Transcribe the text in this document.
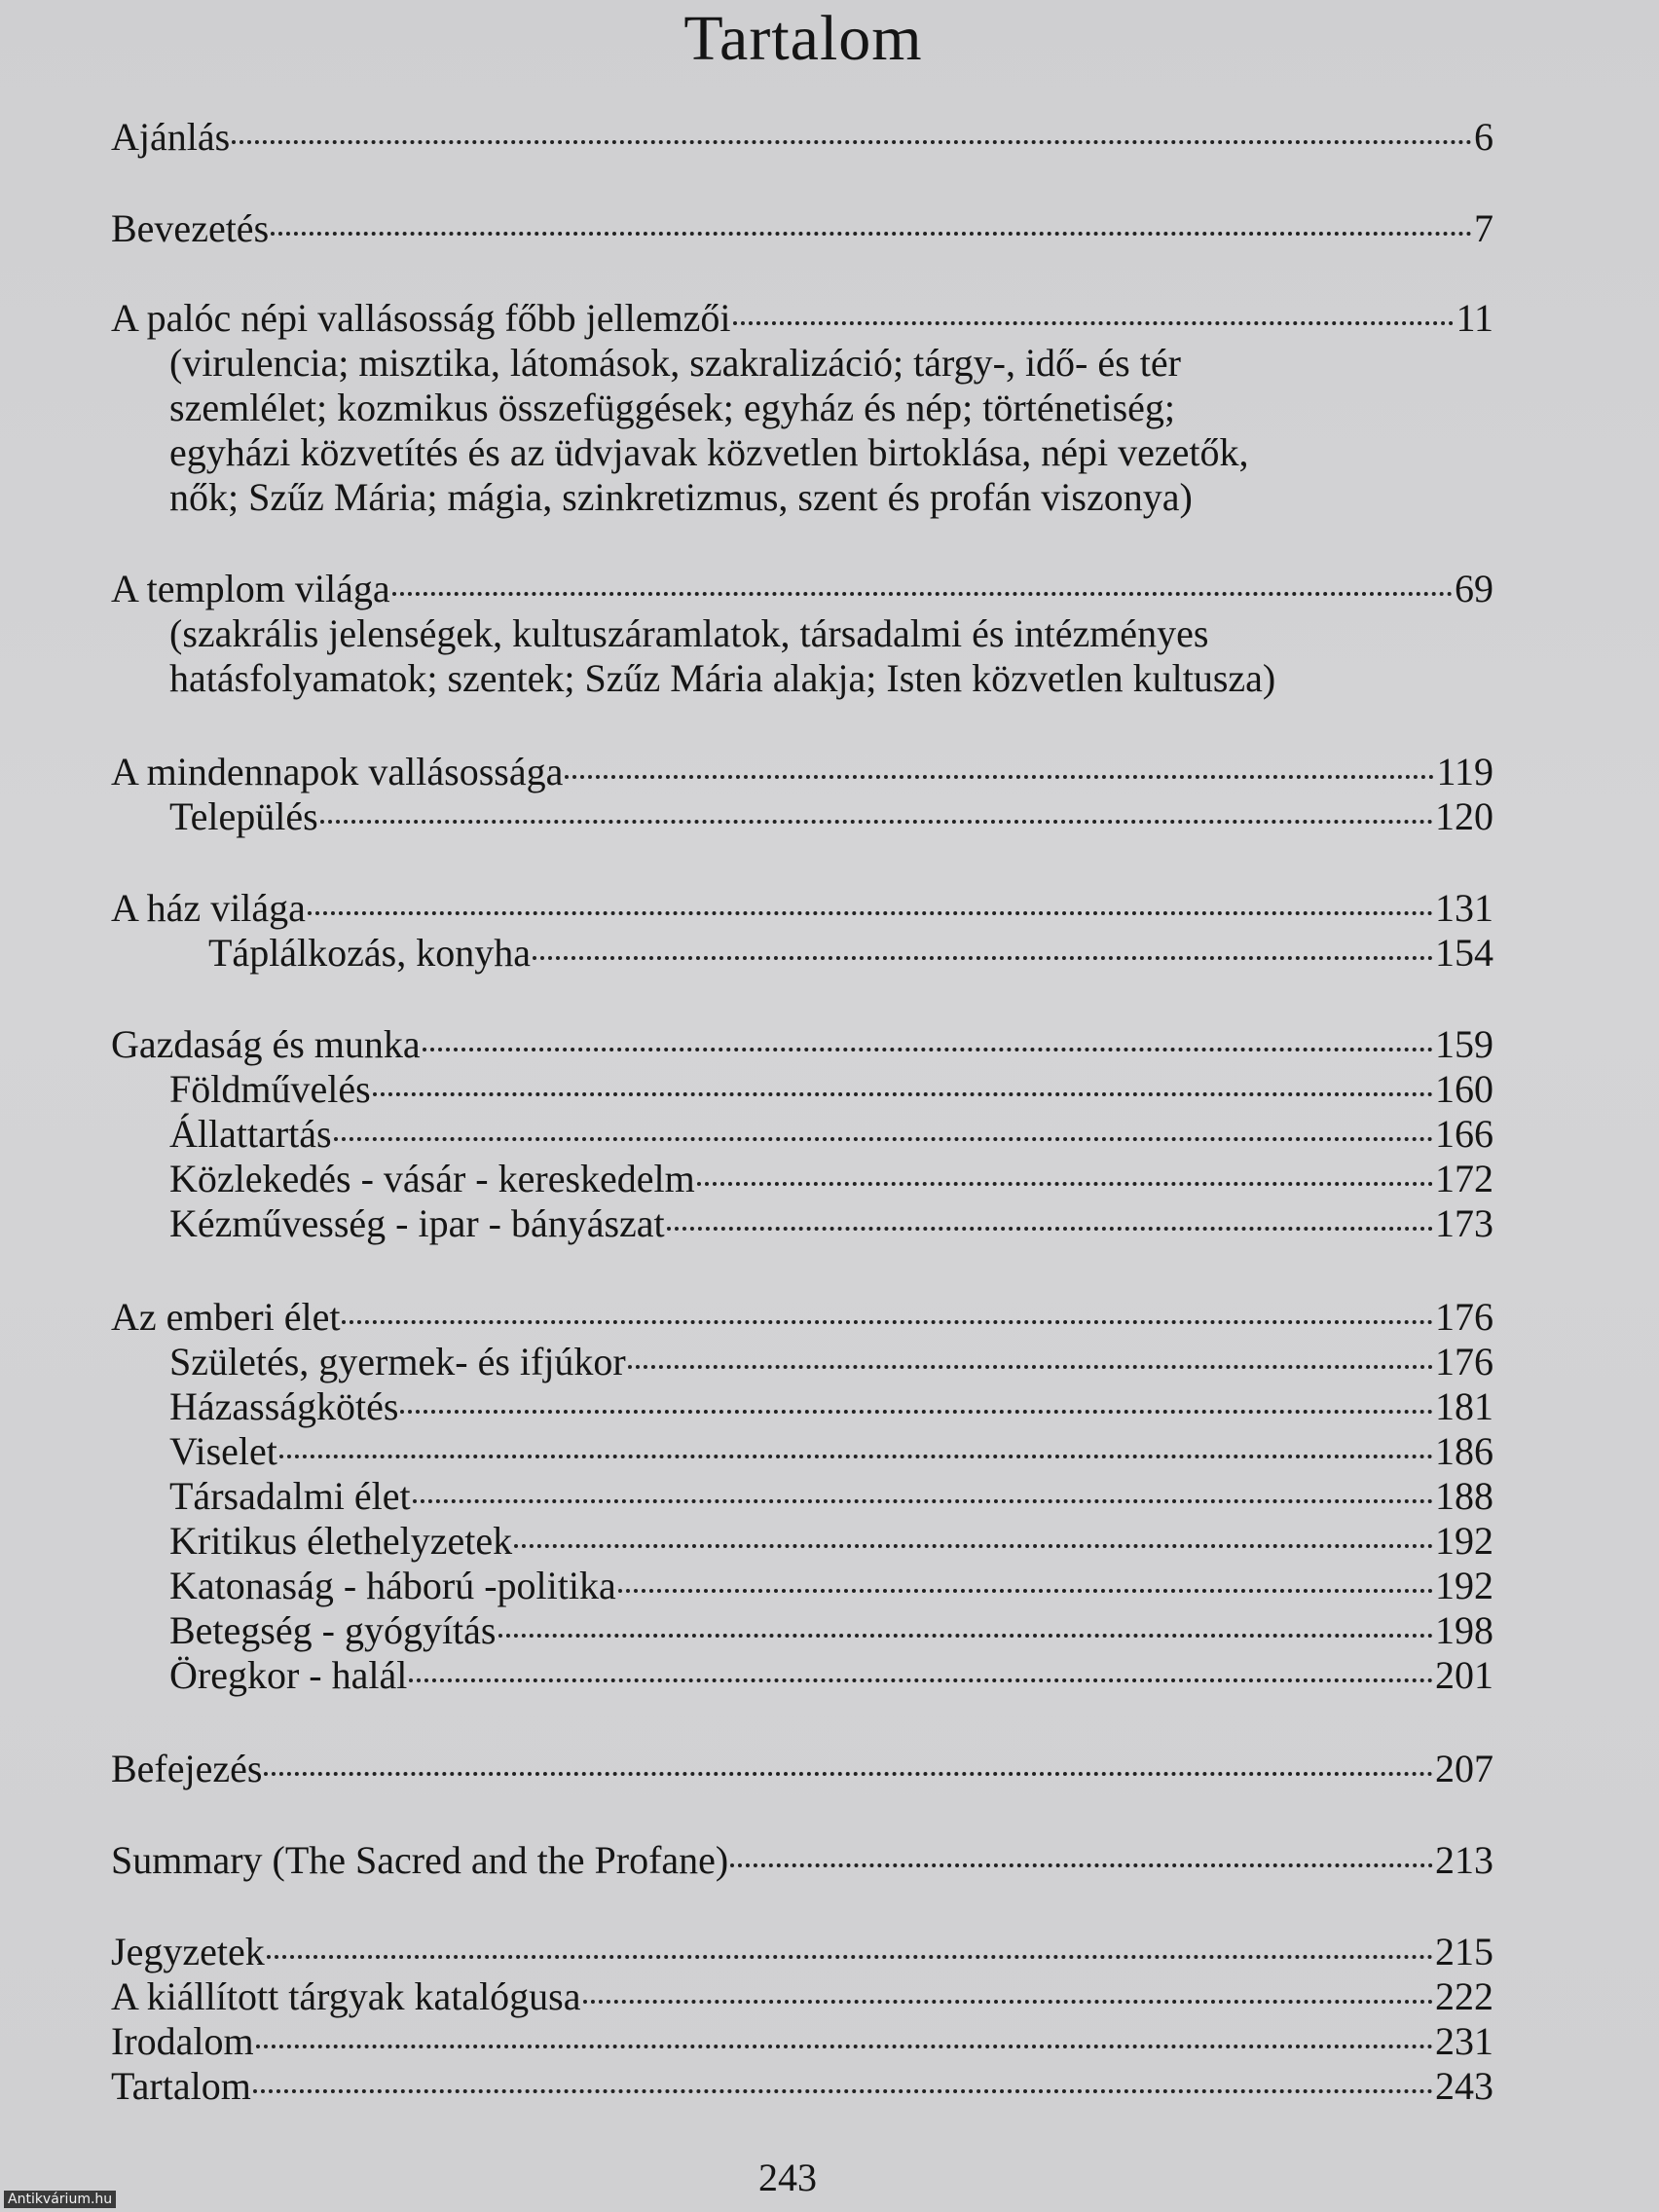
Tartalom
Ajánlás	6
Bevezetés	7
A palóc népi vallásosság főbb jellemzői	11
(virulencia; misztika, látomások, szakralizáció; tárgy-, idő- és tér
szemlélet; kozmikus összefüggések; egyház és nép; történetiség;
egyházi közvetítés és az üdvjavak közvetlen birtoklása, népi vezetők,
nők; Szűz Mária; mágia, szinkretizmus, szent és profán viszonya)
A templom világa	69
(szakrális jelenségek, kultuszáramlatok, társadalmi és intézményes
hatásfolyamatok; szentek; Szűz Mária alakja; Isten közvetlen kultusza)
A mindennapok vallásossága	119
Település	120
A ház világa	131
Táplálkozás, konyha	154
Gazdaság és munka	159
Földművelés	160
Állattartás	166
Közlekedés - vásár - kereskedelm	172
Kézművesség - ipar - bányászat	173
Az emberi élet	176
Születés, gyermek- és ifjúkor	176
Házasságkötés	181
Viselet	186
Társadalmi élet	188
Kritikus élethelyzetek	192
Katonaság - háború -politika	192
Betegség - gyógyítás	198
Öregkor - halál	201
Befejezés	207
Summary (The Sacred and the Profane)	213
Jegyzetek	215
A kiállított tárgyak katalógusa	222
Irodalom	231
Tartalom	243
243
Antikvárium.hu
